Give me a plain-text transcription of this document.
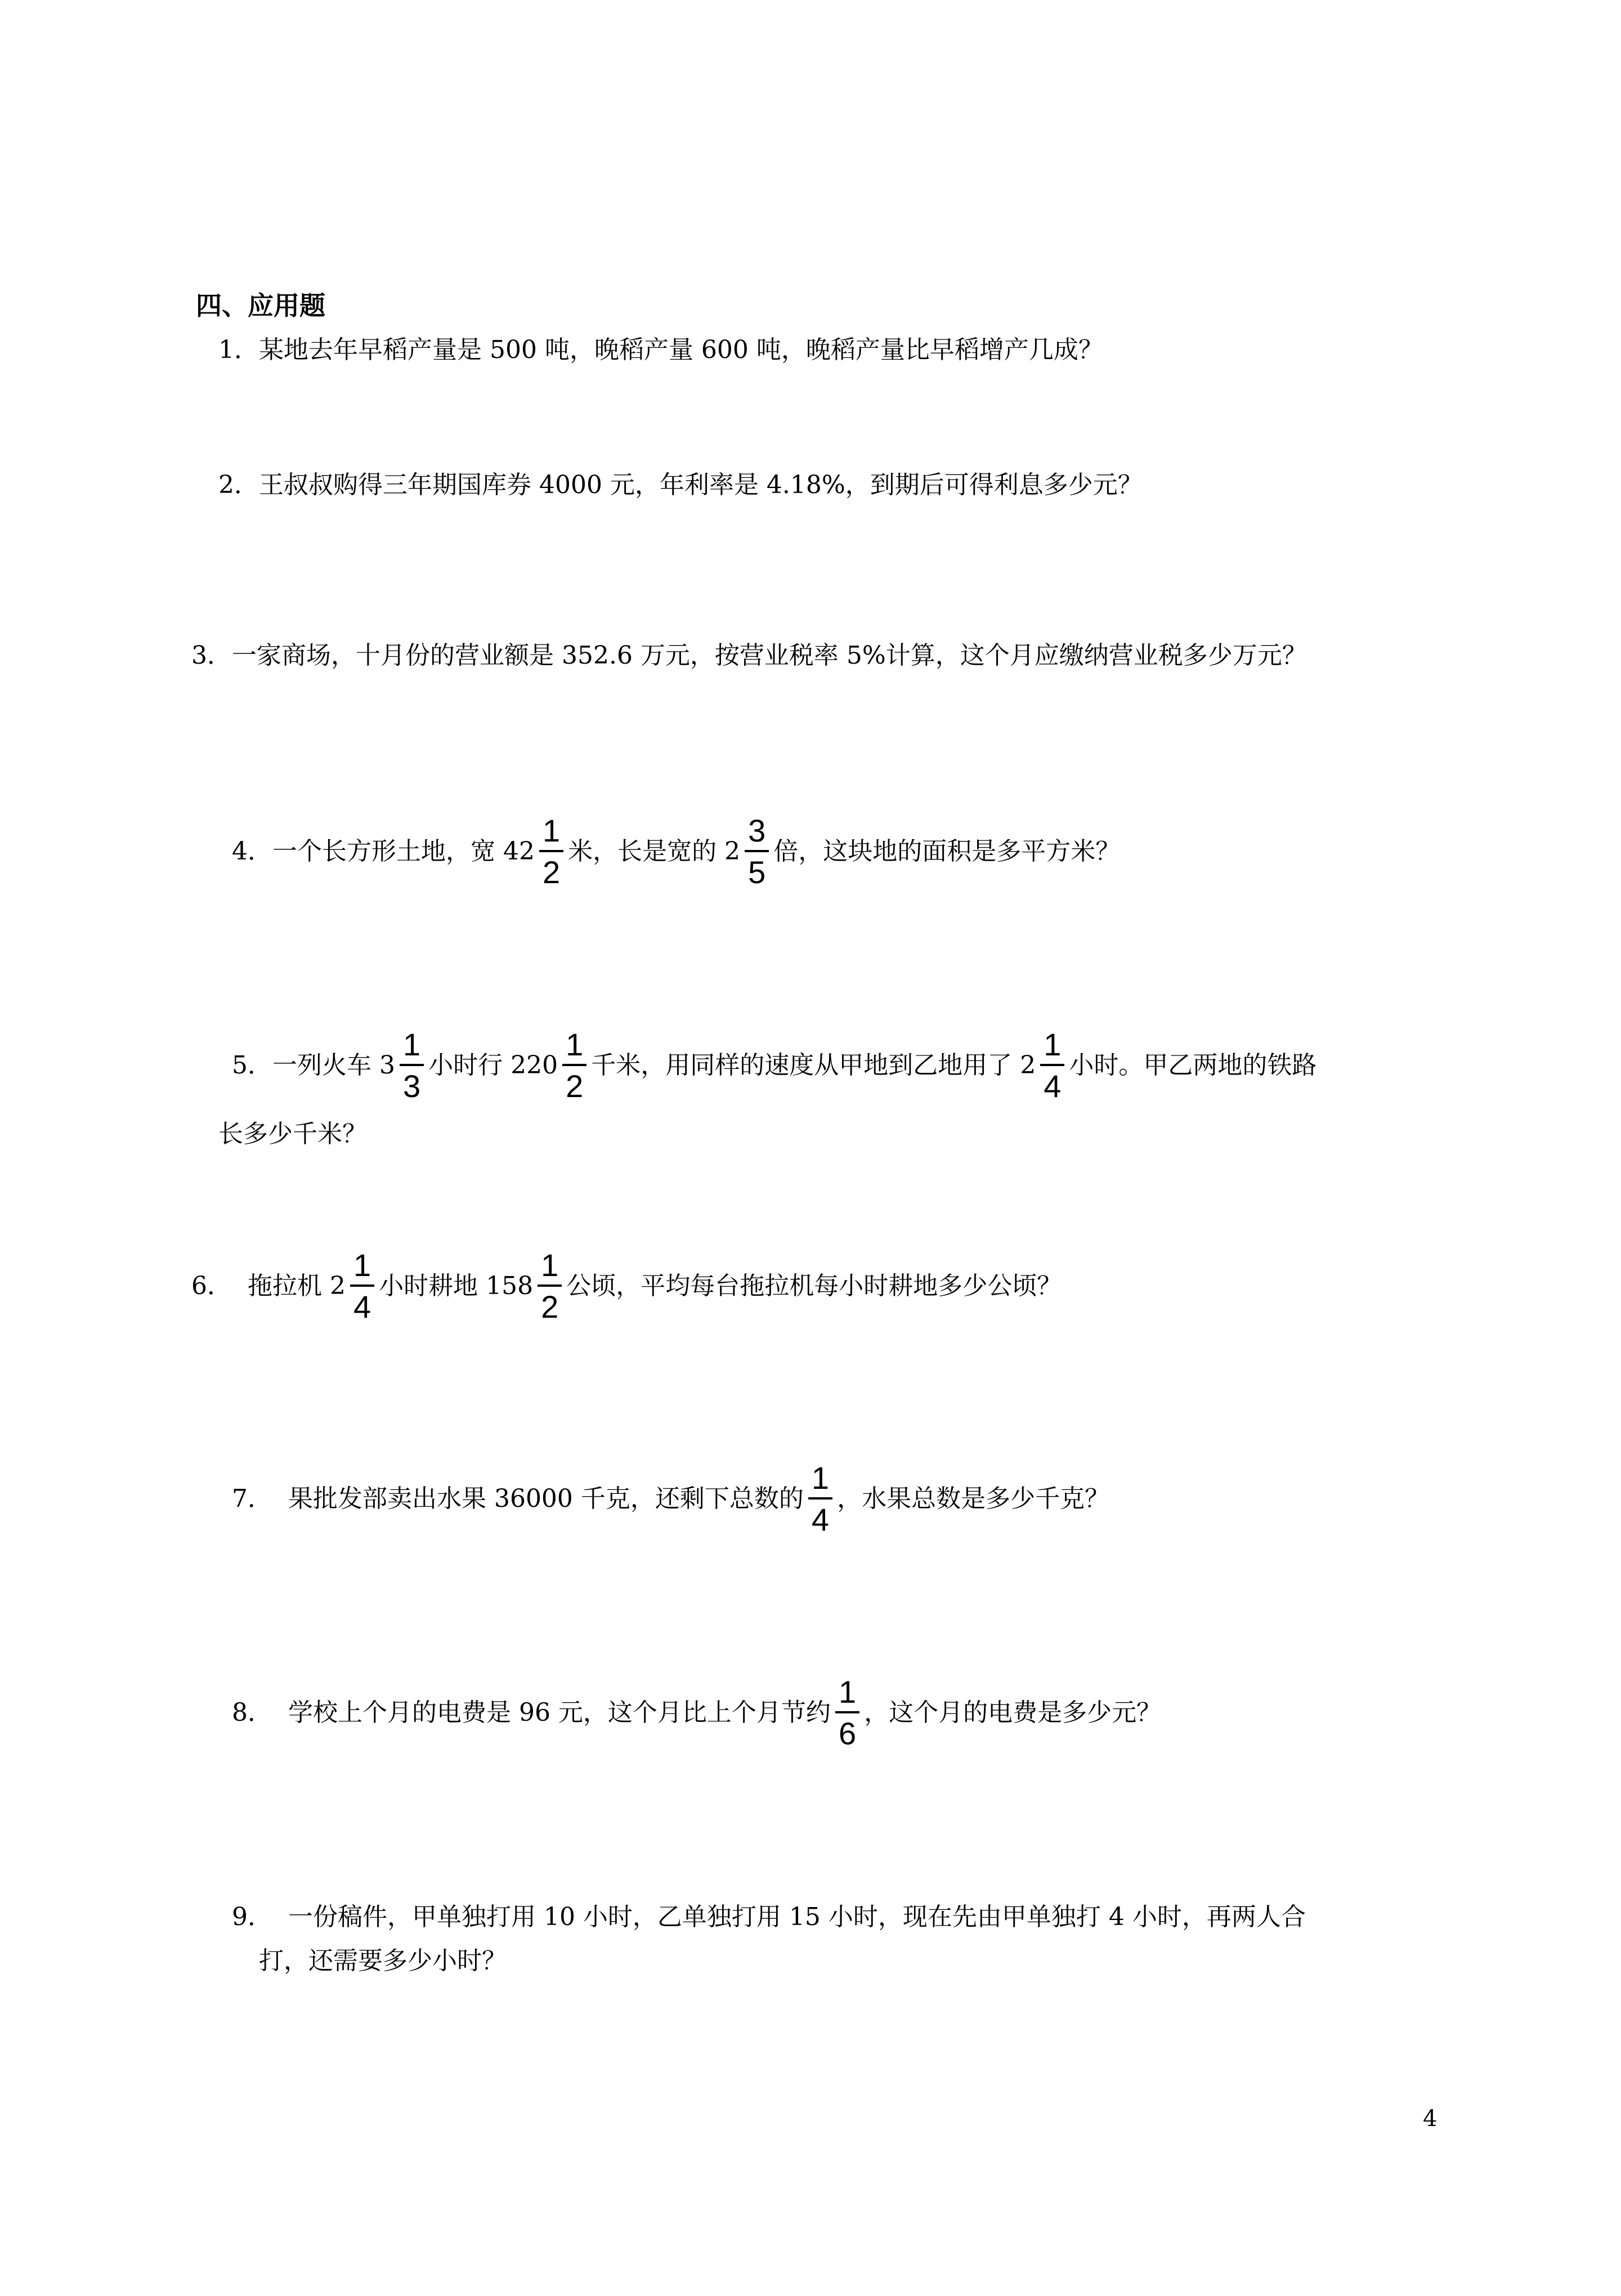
四、应用题
1．某地去年早稻产量是 500 吨，晚稻产量 600 吨，晚稻产量比早稻增产几成？
2．王叔叔购得三年期国库券 4000 元，年利率是 4.18%，到期后可得利息多少元？
3．一家商场，十月份的营业额是 352.6 万元，按营业税率 5%计算，这个月应缴纳营业税多少万元？
4．一个长方形土地，宽 $42 \frac{1}{2}$ 米，长是宽的 $2 \frac{3}{5}$ 倍，这块地的面积是多平方米？
5．一列火车 $3 \frac{1}{3}$ 小时行 $220 \frac{1}{2}$ 千米，用同样的速度从甲地到乙地用了 $2 \frac{1}{4}$ 小时。甲乙两地的铁路
长多少千米？
6．  拖拉机 $2 \frac{1}{4}$ 小时耕地 $158 \frac{1}{2}$ 公顷，平均每台拖拉机每小时耕地多少公顷？
7．  果批发部卖出水果 36000 千克，还剩下总数的 $\frac{1}{4}$ ，水果总数是多少千克？
8．  学校上个月的电费是 96 元，这个月比上个月节约 $\frac{1}{6}$ ，这个月的电费是多少元？
9．  一份稿件，甲单独打用 10 小时，乙单独打用 15 小时，现在先由甲单独打 4 小时，再两人合
打，还需要多少小时？
4
